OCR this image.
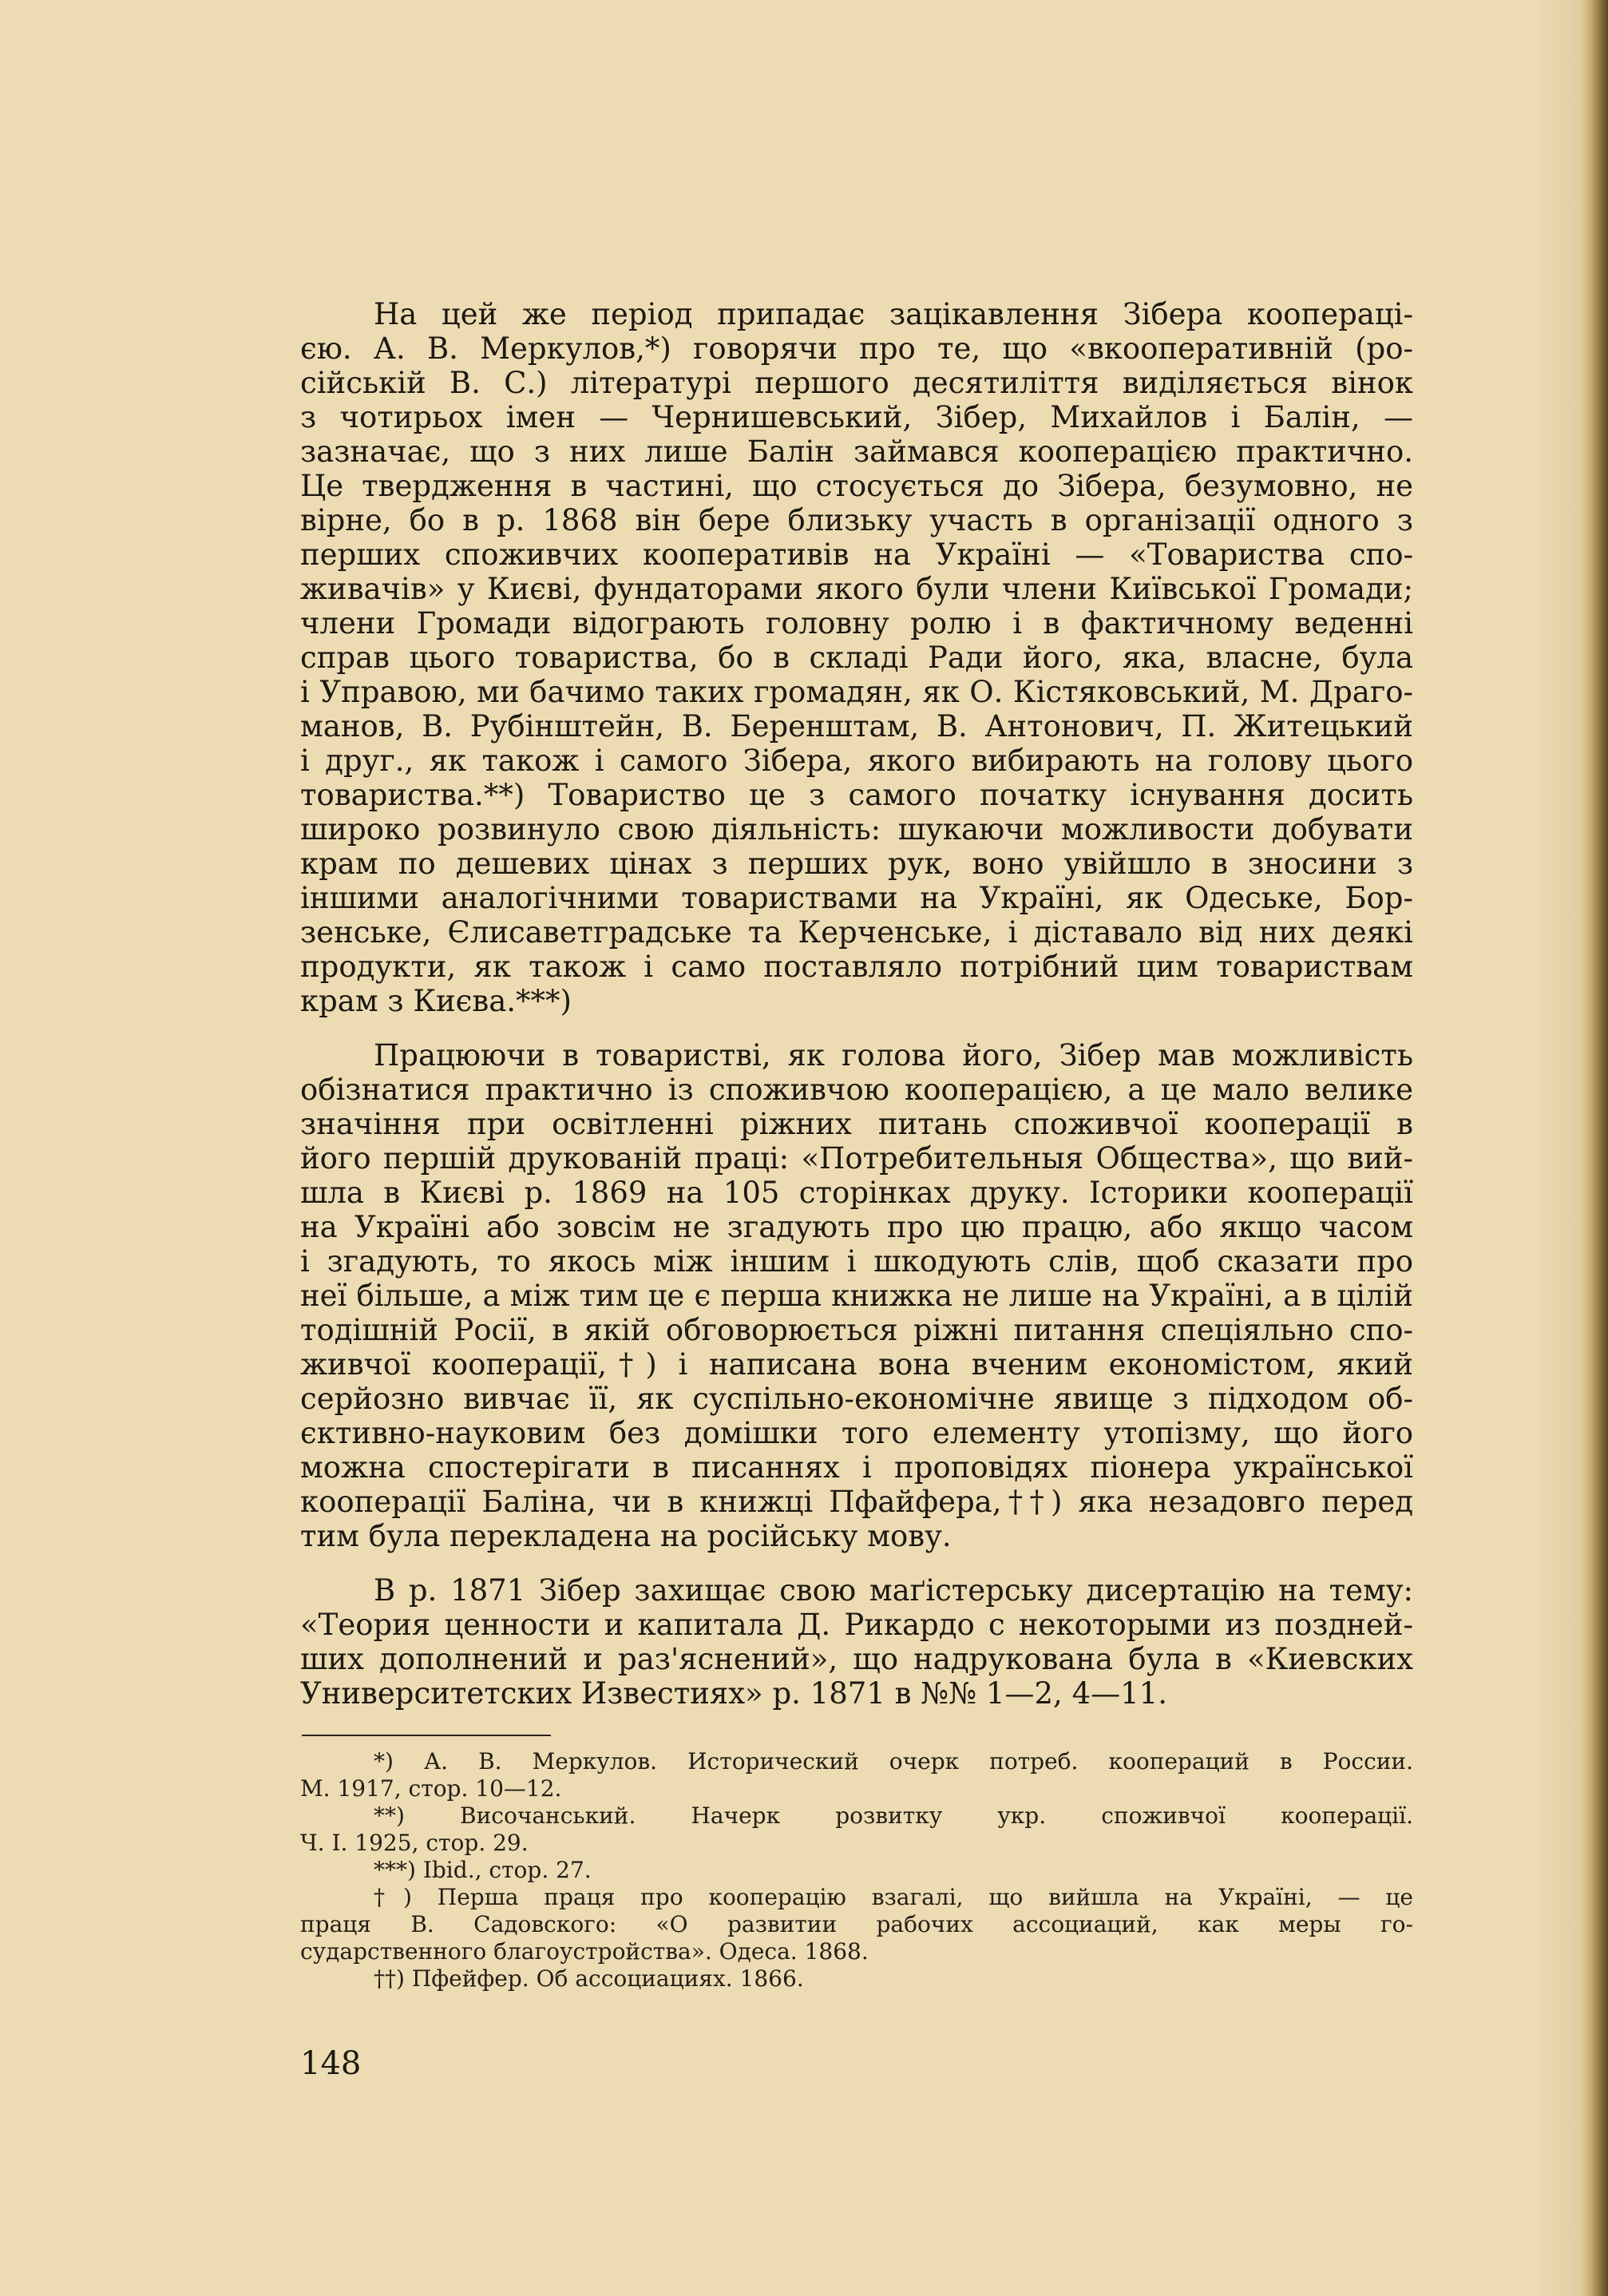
На цей же період припадає зацікавлення Зібера коопераці-
єю. А. В. Меркулов,*) говорячи про те, що «вкооперативній (ро-
сійській В. С.) літературі першого десятиліття виділяється вінок
з чотирьох імен — Чернишевський, Зібер, Михайлов і Балін, —
зазначає, що з них лише Балін займався кооперацією практично.
Це твердження в частині, що стосується до Зібера, безумовно, не
вірне, бо в р. 1868 він бере близьку участь в організації одного з
перших споживчих кооперативів на Україні — «Товариства спо-
живачів» у Києві, фундаторами якого були члени Київської Громади;
члени Громади відограють головну ролю і в фактичному веденні
справ цього товариства, бо в складі Ради його, яка, власне, була
і Управою, ми бачимо таких громадян, як О. Кістяковський, М. Драго-
манов, В. Рубінштейн, В. Беренштам, В. Антонович, П. Житецький
і друг., як також і самого Зібера, якого вибирають на голову цього
товариства.**) Товариство це з самого початку існування досить
широко розвинуло свою діяльність: шукаючи можливости добувати
крам по дешевих цінах з перших рук, воно увійшло в зносини з
іншими аналогічними товариствами на Україні, як Одеське, Бор-
зенське, Єлисаветградське та Керченське, і діставало від них деякі
продукти, як також і само поставляло потрібний цим товариствам
крам з Києва.***)
Працюючи в товаристві, як голова його, Зібер мав можливість
обізнатися практично із споживчою кооперацією, а це мало велике
значіння при освітленні ріжних питань споживчої кооперації в
його першій друкованій праці: «Потребительныя Общества», що вий-
шла в Києві р. 1869 на 105 сторінках друку. Історики кооперації
на Україні або зовсім не згадують про цю працю, або якщо часом
і згадують, то якось між іншим і шкодують слів, щоб сказати про
неї більше, а між тим це є перша книжка не лише на Україні, а в цілій
тодішній Росії, в якій обговорюється ріжні питання спеціяльно спо-
живчої кооперації,†) і написана вона вченим економістом, який
серйозно вивчає її, як суспільно-економічне явище з підходом об-
єктивно-науковим без домішки того елементу утопізму, що його
можна спостерігати в писаннях і проповідях піонера української
кооперації Баліна, чи в книжці Пфайфера,††) яка незадовго перед
тим була перекладена на російську мову.
В р. 1871 Зібер захищає свою маґістерську дисертацію на тему:
«Теория ценности и капитала Д. Рикардо с некоторыми из поздней-
ших дополнений и раз'яснений», що надрукована була в «Киевских
Университетских Известиях» р. 1871 в №№ 1—2, 4—11.
*) А. В. Меркулов. Исторический очерк потреб. коопераций в России.
М. 1917, стор. 10—12.
**) Височанський. Начерк розвитку укр. споживчої кооперації.
Ч. І. 1925, стор. 29.
***) Ibid., стор. 27.
†) Перша праця про кооперацію взагалі, що вийшла на Україні, — це
праця В. Садовского: «О развитии рабочих ассоциаций, как меры го-
сударственного благоустройства». Одеса. 1868.
††) Пфейфер. Об ассоциациях. 1866.
148
